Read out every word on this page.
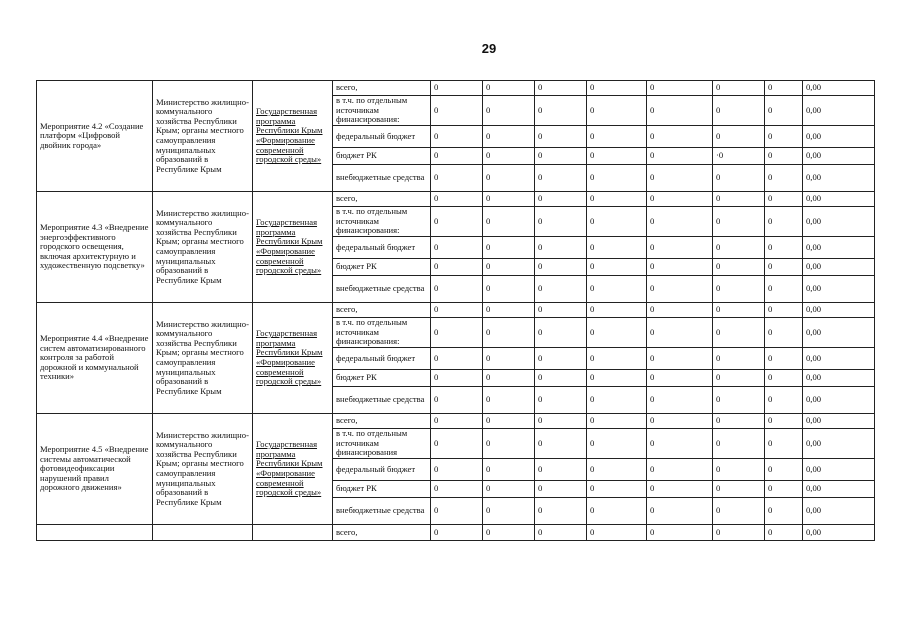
29
Мероприятие 4.2 «Создание платформ «Цифровой двойник города»	Министерство жилищно-коммунального хозяйства Республики Крым; органы местного самоуправления муниципальных образований в Республике Крым	Государственная программа Республики Крым «Формирование современной городской среды»	всего,	0	0	0	0	0	0	0	0,00
			в т.ч. по отдельным источникам финансирования:	0	0	0	0	0	0	0	0,00
			федеральный бюджет	0	0	0	0	0	0	0	0,00
			бюджет РК	0	0	0	0	0	·0	0	0,00
			внебюджетные средства	0	0	0	0	0	0	0	0,00
Мероприятие 4.3 «Внедрение энергоэффективного городского освещения, включая архитектурную и художественную подсветку»	Министерство жилищно-коммунального хозяйства Республики Крым; органы местного самоуправления муниципальных образований в Республике Крым	Государственная программа Республики Крым «Формирование современной городской среды»	всего,	0	0	0	0	0	0	0	0,00
			в т.ч. по отдельным источникам финансирования:	0	0	0	0	0	0	0	0,00
			федеральный бюджет	0	0	0	0	0	0	0	0,00
			бюджет РК	0	0	0	0	0	0	0	0,00
			внебюджетные средства	0	0	0	0	0	0	0	0,00
Мероприятие 4.4 «Внедрение систем автоматизированного контроля за работой дорожной и коммунальной техники»	Министерство жилищно-коммунального хозяйства Республики Крым; органы местного самоуправления муниципальных образований в Республике Крым	Государственная программа Республики Крым «Формирование современной городской среды»	всего,	0	0	0	0	0	0	0	0,00
			в т.ч. по отдельным источникам финансирования:	0	0	0	0	0	0	0	0,00
			федеральный бюджет	0	0	0	0	0	0	0	0,00
			бюджет РК	0	0	0	0	0	0	0	0,00
			внебюджетные средства	0	0	0	0	0	0	0	0,00
Мероприятие 4.5 «Внедрение системы автоматической фотовидеофиксации нарушений правил дорожного движения»	Министерство жилищно-коммунального хозяйства Республики Крым; органы местного самоуправления муниципальных образований в Республике Крым	Государственная программа Республики Крым «Формирование современной городской среды»	всего,	0	0	0	0	0	0	0	0,00
			в т.ч. по отдельным источникам финансирования	0	0	0	0	0	0	0	0,00
			федеральный бюджет	0	0	0	0	0	0	0	0,00
			бюджет РК	0	0	0	0	0	0	0	0,00
			внебюджетные средства	0	0	0	0	0	0	0	0,00
			всего,	0	0	0	0	0	0	0	0,00
